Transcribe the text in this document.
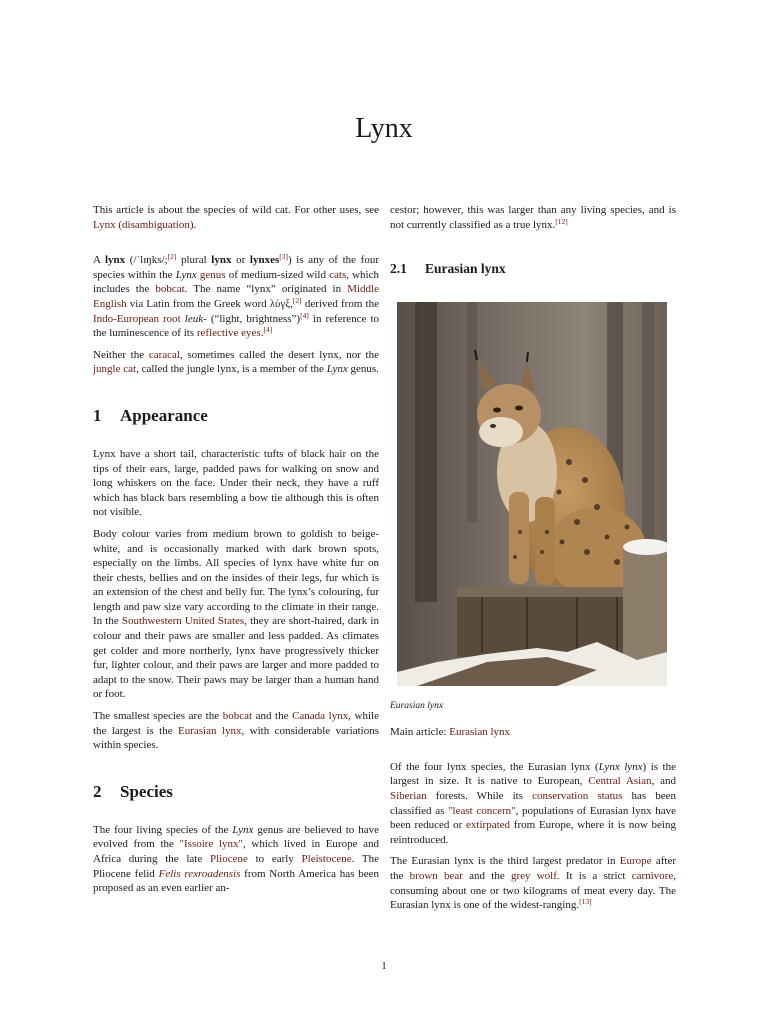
Lynx

This article is about the species of wild cat. For other uses, see Lynx (disambiguation).

A lynx (/ˈlɪŋks/;[2] plural lynx or lynxes[3]) is any of the four species within the Lynx genus of medium-sized wild cats, which includes the bobcat. The name “lynx” originated in Middle English via Latin from the Greek word λύγξ,[2] derived from the Indo-European root leuk- (“light, brightness”)[4] in reference to the luminescence of its reflective eyes.[4]

Neither the caracal, sometimes called the desert lynx, nor the jungle cat, called the jungle lynx, is a member of the Lynx genus.

1 Appearance

Lynx have a short tail, characteristic tufts of black hair on the tips of their ears, large, padded paws for walking on snow and long whiskers on the face. Under their neck, they have a ruff which has black bars resembling a bow tie although this is often not visible.

Body colour varies from medium brown to goldish to beige-white, and is occasionally marked with dark brown spots, especially on the limbs. All species of lynx have white fur on their chests, bellies and on the insides of their legs, fur which is an extension of the chest and belly fur. The lynx’s colouring, fur length and paw size vary according to the climate in their range. In the Southwestern United States, they are short-haired, dark in colour and their paws are smaller and less padded. As climates get colder and more northerly, lynx have progressively thicker fur, lighter colour, and their paws are larger and more padded to adapt to the snow. Their paws may be larger than a human hand or foot.

The smallest species are the bobcat and the Canada lynx, while the largest is the Eurasian lynx, with considerable variations within species.

2 Species

The four living species of the Lynx genus are believed to have evolved from the "Issoire lynx", which lived in Europe and Africa during the late Pliocene to early Pleistocene. The Pliocene felid Felis rexroadensis from North America has been proposed as an even earlier an-

cestor; however, this was larger than any living species, and is not currently classified as a true lynx.[12]

2.1 Eurasian lynx

Eurasian lynx

Main article: Eurasian lynx

Of the four lynx species, the Eurasian lynx (Lynx lynx) is the largest in size. It is native to European, Central Asian, and Siberian forests. While its conservation status has been classified as "least concern", populations of Eurasian lynx have been reduced or extirpated from Europe, where it is now being reintroduced.

The Eurasian lynx is the third largest predator in Europe after the brown bear and the grey wolf. It is a strict carnivore, consuming about one or two kilograms of meat every day. The Eurasian lynx is one of the widest-ranging.[13]

1
